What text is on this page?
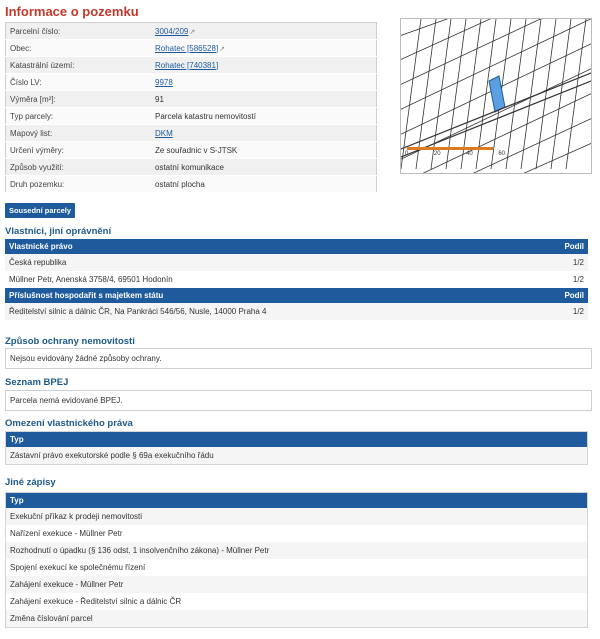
Informace o pozemku
Parcelní číslo:	3004/209↗
Obec:	Rohatec [586528]↗
Katastrální území:	Rohatec [740381]
Číslo LV:	9978
Výměra [m²]:	91
Typ parcely:	Parcela katastru nemovitostí
Mapový list:	DKM
Určení výměry:	Ze souřadnic v S-JTSK
Způsob využití:	ostatní komunikace
Druh pozemku:	ostatní plocha
0	20	40	60
Sousední parcely
Vlastníci, jiní oprávnění
Vlastnické právo	Podíl
Česká republika	1/2
Müllner Petr, Anenská 3758/4, 69501 Hodonín	1/2
Příslušnost hospodařit s majetkem státu	Podíl
Ředitelství silnic a dálnic ČR, Na Pankráci 546/56, Nusle, 14000 Praha 4	1/2
Způsob ochrany nemovitosti
Nejsou evidovány žádné způsoby ochrany.
Seznam BPEJ
Parcela nemá evidované BPEJ.
Omezení vlastnického práva
Typ
Zástavní právo exekutorské podle § 69a exekučního řádu
Jiné zápisy
Typ
Exekuční příkaz k prodeji nemovitosti
Nařízení exekuce - Müllner Petr
Rozhodnutí o úpadku (§ 136 odst. 1 insolvenčního zákona) - Müllner Petr
Spojení exekucí ke společnému řízení
Zahájení exekuce - Müllner Petr
Zahájení exekuce - Ředitelství silnic a dálnic ČR
Změna číslování parcel
